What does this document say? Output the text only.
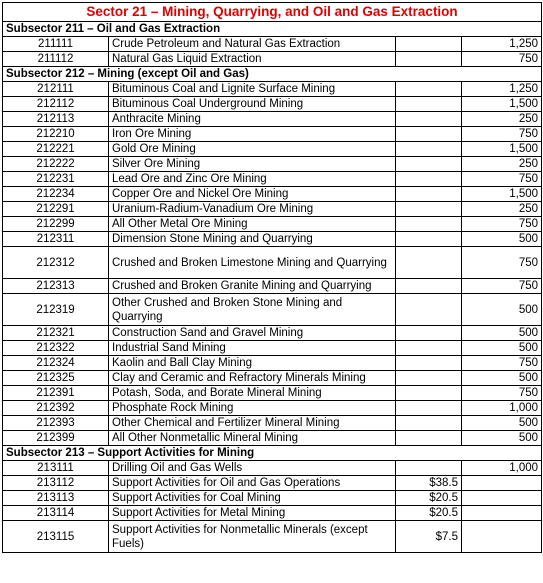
Sector 21 – Mining, Quarrying, and Oil and Gas Extraction			
Subsector 211 – Oil and Gas Extraction			
211111	Crude Petroleum and Natural Gas Extraction		1,250
211112	Natural Gas Liquid Extraction		750
Subsector 212 – Mining (except Oil and Gas)			
212111	Bituminous Coal and Lignite Surface Mining		1,250
212112	Bituminous Coal Underground Mining		1,500
212113	Anthracite Mining		250
212210	Iron Ore Mining		750
212221	Gold Ore Mining		1,500
212222	Silver Ore Mining		250
212231	Lead Ore and Zinc Ore Mining		750
212234	Copper Ore and Nickel Ore Mining		1,500
212291	Uranium-Radium-Vanadium Ore Mining		250
212299	All Other Metal Ore Mining		750
212311	Dimension Stone Mining and Quarrying		500
212312	Crushed and Broken Limestone Mining and Quarrying		750
212313	Crushed and Broken Granite Mining and Quarrying		750
212319	Other Crushed and Broken Stone Mining and Quarrying		500
212321	Construction Sand and Gravel Mining		500
212322	Industrial Sand Mining		500
212324	Kaolin and Ball Clay Mining		750
212325	Clay and Ceramic and Refractory Minerals Mining		500
212391	Potash, Soda, and Borate Mineral Mining		750
212392	Phosphate Rock Mining		1,000
212393	Other Chemical and Fertilizer Mineral Mining		500
212399	All Other Nonmetallic Mineral Mining		500
Subsector 213 – Support Activities for Mining			
213111	Drilling Oil and Gas Wells		1,000
213112	Support Activities for Oil and Gas Operations	$38.5	
213113	Support Activities for Coal Mining	$20.5	
213114	Support Activities for Metal Mining	$20.5	
213115	Support Activities for Nonmetallic Minerals (except Fuels)	$7.5	
